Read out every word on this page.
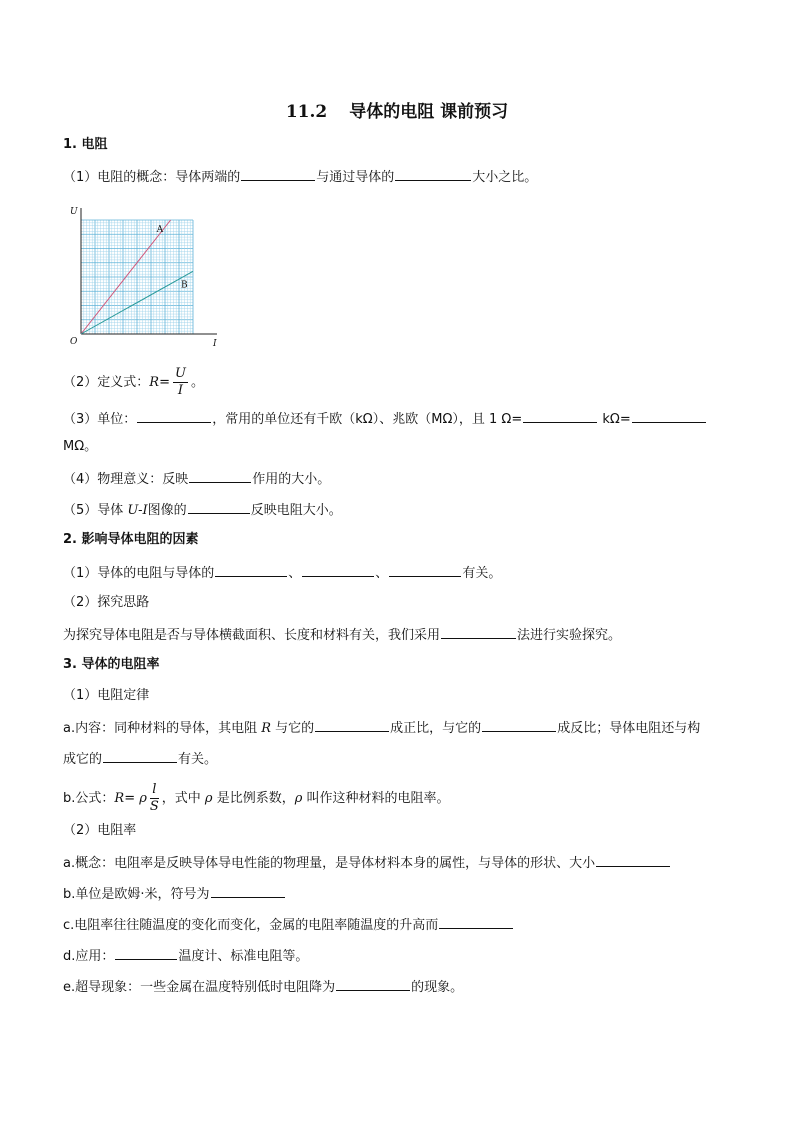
11.2 导体的电阻 课前预习
1. 电阻
（1）电阻的概念：导体两端的	与通过导体的	大小之比。
A
B
U
I
O
（2）定义式：$R= \frac{U}{I}$ 。
（3）单位：	，常用的单位还有千欧（kΩ）、兆欧（MΩ），且 1 Ω=	kΩ=
MΩ。
（4）物理意义：反映	作用的大小。
（5）导体 U-I图像的	反映电阻大小。
2. 影响导体电阻的因素
（1）导体的电阻与导体的	、	、	有关。
（2）探究思路
为探究导体电阻是否与导体横截面积、长度和材料有关，我们采用	法进行实验探究。
3. 导体的电阻率
（1）电阻定律
a.内容：同种材料的导体，其电阻 R 与它的	成正比，与它的	成反比；导体电阻还与构
成它的	有关。
b.公式：R= ρ $\frac{l}{S}$ ，式中 ρ 是比例系数，ρ 叫作这种材料的电阻率。
（2）电阻率
a.概念：电阻率是反映导体导电性能的物理量，是导体材料本身的属性，与导体的形状、大小
b.单位是欧姆·米，符号为
c.电阻率往往随温度的变化而变化，金属的电阻率随温度的升高而
d.应用：	温度计、标准电阻等。
e.超导现象：一些金属在温度特别低时电阻降为	的现象。
